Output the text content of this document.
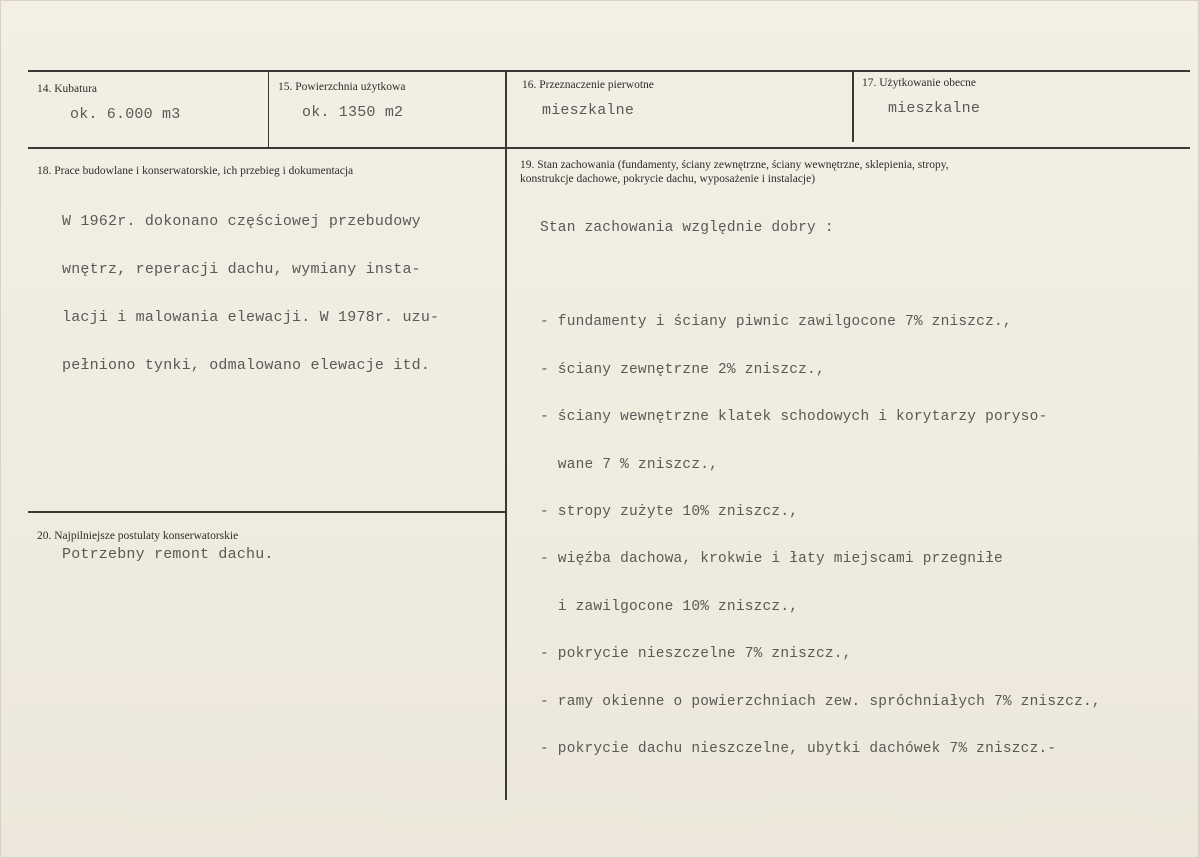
14. Kubatura
ok. 6.000 m3
15. Powierzchnia użytkowa
ok. 1350 m2
16. Przeznaczenie pierwotne
mieszkalne
17. Użytkowanie obecne
mieszkalne
18. Prace budowlane i konserwatorskie, ich przebieg i dokumentacja

W 1962r. dokonano częściowej przebudowy

wnętrz, reperacji dachu, wymiany insta-

lacji i malowania elewacji. W 1978r. uzu-

pełniono tynki, odmalowano elewacje itd.

19. Stan zachowania (fundamenty, ściany zewnętrzne, ściany wewnętrzne, sklepienia, stropy,
konstrukcje dachowe, pokrycie dachu, wyposażenie i instalacje)

Stan zachowania względnie dobry :

- fundamenty i ściany piwnic zawilgocone 7% zniszcz.,

- ściany zewnętrzne 2% zniszcz.,

- ściany wewnętrzne klatek schodowych i korytarzy poryso-

wane 7 % zniszcz.,

- stropy zużyte 10% zniszcz.,

- więźba dachowa, krokwie i łaty miejscami przegniłe

i zawilgocone 10% zniszcz.,

- pokrycie nieszczelne 7% zniszcz.,

- ramy okienne o powierzchniach zew. spróchniałych 7% zniszcz.,

- pokrycie dachu nieszczelne, ubytki dachówek 7% zniszcz.-

20. Najpilniejsze postulaty konserwatorskie
Potrzebny remont dachu.
